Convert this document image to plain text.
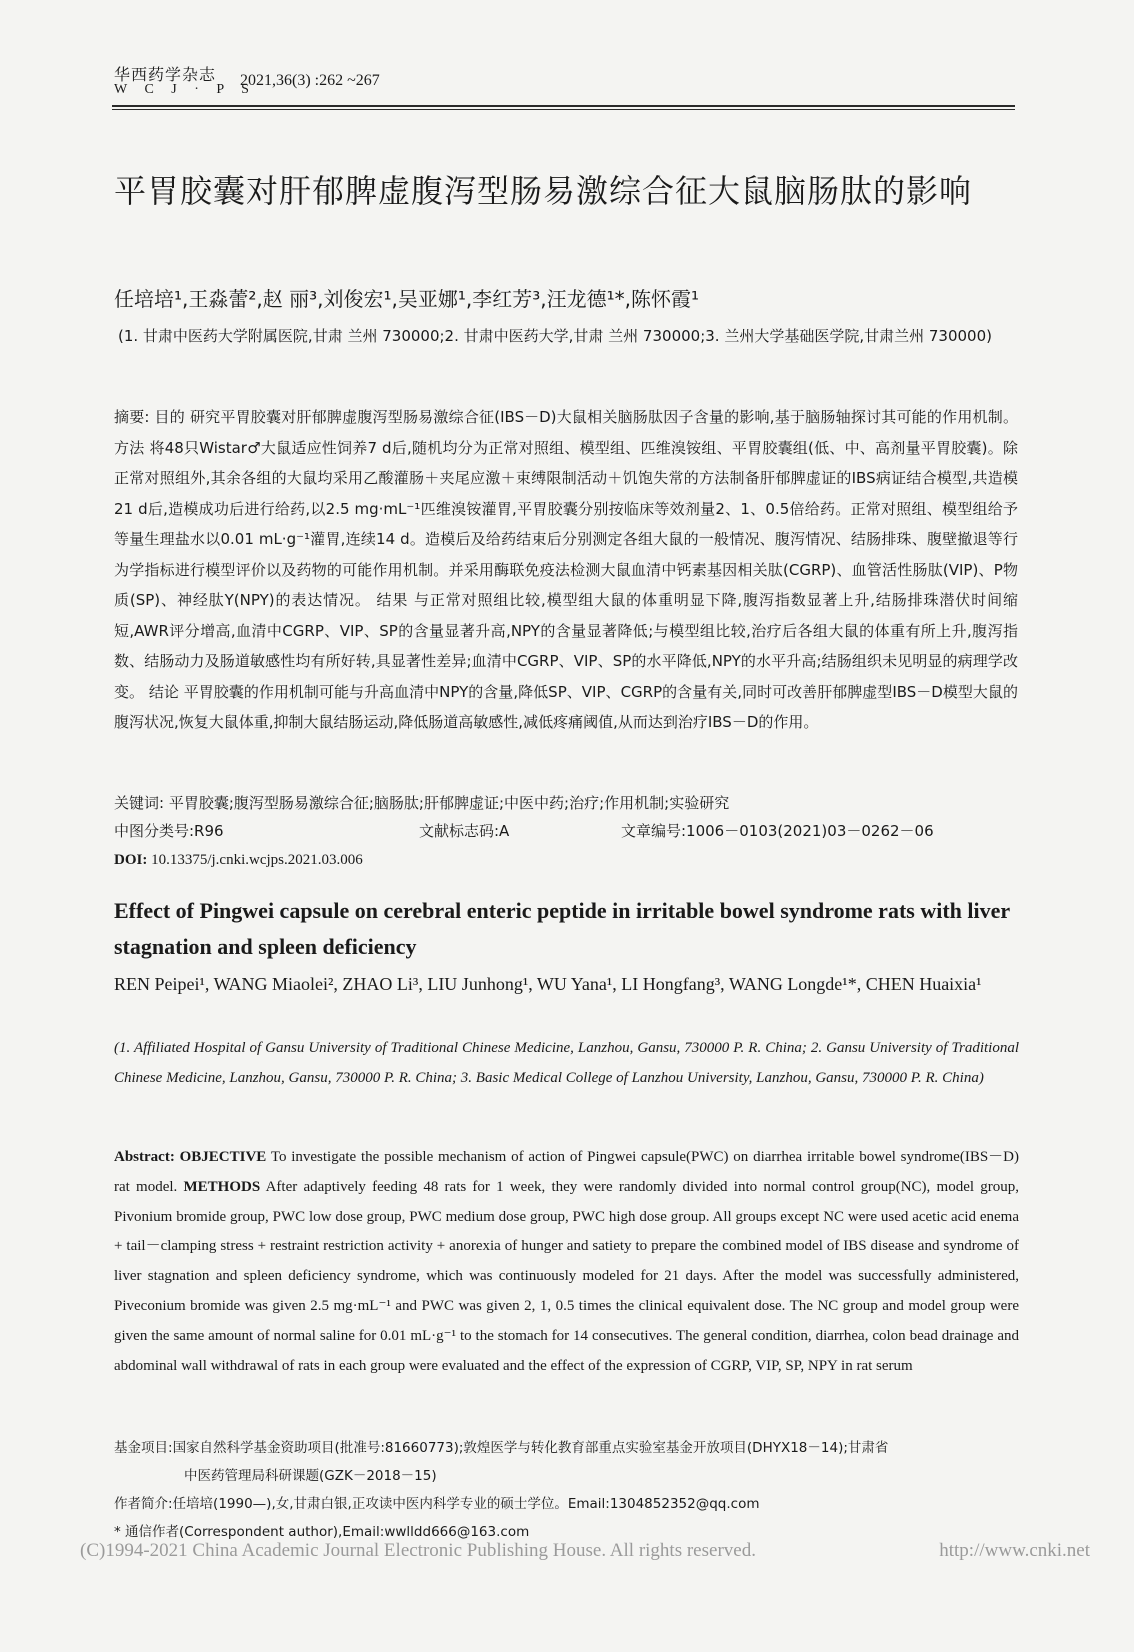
华西药学杂志
W C J · P S
2021,36(3) :262 ~267
平胃胶囊对肝郁脾虚腹泻型肠易激综合征大鼠脑肠肽的影响
任培培¹,王淼蕾²,赵 丽³,刘俊宏¹,吴亚娜¹,李红芳³,汪龙德¹*,陈怀霞¹
(1. 甘肃中医药大学附属医院,甘肃 兰州 730000;2. 甘肃中医药大学,甘肃 兰州 730000;3. 兰州大学基础医学院,甘肃兰州 730000)
摘要: 目的 研究平胃胶囊对肝郁脾虚腹泻型肠易激综合征(IBS－D)大鼠相关脑肠肽因子含量的影响,基于脑肠轴探讨其可能的作用机制。 方法 将48只Wistar♂大鼠适应性饲养7 d后,随机均分为正常对照组、模型组、匹维溴铵组、平胃胶囊组(低、中、高剂量平胃胶囊)。除正常对照组外,其余各组的大鼠均采用乙酸灌肠＋夹尾应激＋束缚限制活动＋饥饱失常的方法制备肝郁脾虚证的IBS病证结合模型,共造模21 d后,造模成功后进行给药,以2.5 mg·mL⁻¹匹维溴铵灌胃,平胃胶囊分别按临床等效剂量2、1、0.5倍给药。正常对照组、模型组给予等量生理盐水以0.01 mL·g⁻¹灌胃,连续14 d。造模后及给药结束后分别测定各组大鼠的一般情况、腹泻情况、结肠排珠、腹壁撤退等行为学指标进行模型评价以及药物的可能作用机制。并采用酶联免疫法检测大鼠血清中钙素基因相关肽(CGRP)、血管活性肠肽(VIP)、P物质(SP)、神经肽Y(NPY)的表达情况。 结果 与正常对照组比较,模型组大鼠的体重明显下降,腹泻指数显著上升,结肠排珠潜伏时间缩短,AWR评分增高,血清中CGRP、VIP、SP的含量显著升高,NPY的含量显著降低;与模型组比较,治疗后各组大鼠的体重有所上升,腹泻指数、结肠动力及肠道敏感性均有所好转,具显著性差异;血清中CGRP、VIP、SP的水平降低,NPY的水平升高;结肠组织未见明显的病理学改变。 结论 平胃胶囊的作用机制可能与升高血清中NPY的含量,降低SP、VIP、CGRP的含量有关,同时可改善肝郁脾虚型IBS－D模型大鼠的腹泻状况,恢复大鼠体重,抑制大鼠结肠运动,降低肠道高敏感性,减低疼痛阈值,从而达到治疗IBS－D的作用。
关键词: 平胃胶囊;腹泻型肠易激综合征;脑肠肽;肝郁脾虚证;中医中药;治疗;作用机制;实验研究
中图分类号:R96	文献标志码:A	文章编号:1006－0103(2021)03－0262－06
DOI: 10.13375/j.cnki.wcjps.2021.03.006
Effect of Pingwei capsule on cerebral enteric peptide in irritable bowel syndrome rats with liver stagnation and spleen deficiency
REN Peipei¹, WANG Miaolei², ZHAO Li³, LIU Junhong¹, WU Yana¹, LI Hongfang³, WANG Longde¹*, CHEN Huaixia¹
(1. Affiliated Hospital of Gansu University of Traditional Chinese Medicine, Lanzhou, Gansu, 730000 P. R. China; 2. Gansu University of Traditional Chinese Medicine, Lanzhou, Gansu, 730000 P. R. China; 3. Basic Medical College of Lanzhou University, Lanzhou, Gansu, 730000 P. R. China)
Abstract: OBJECTIVE To investigate the possible mechanism of action of Pingwei capsule(PWC) on diarrhea irritable bowel syndrome(IBS－D) rat model. METHODS After adaptively feeding 48 rats for 1 week, they were randomly divided into normal control group(NC), model group, Pivonium bromide group, PWC low dose group, PWC medium dose group, PWC high dose group. All groups except NC were used acetic acid enema + tail－clamping stress + restraint restriction activity + anorexia of hunger and satiety to prepare the combined model of IBS disease and syndrome of liver stagnation and spleen deficiency syndrome, which was continuously modeled for 21 days. After the model was successfully administered, Piveconium bromide was given 2.5 mg·mL⁻¹ and PWC was given 2, 1, 0.5 times the clinical equivalent dose. The NC group and model group were given the same amount of normal saline for 0.01 mL·g⁻¹ to the stomach for 14 consecutives. The general condition, diarrhea, colon bead drainage and abdominal wall withdrawal of rats in each group were evaluated and the effect of the expression of CGRP, VIP, SP, NPY in rat serum
基金项目:国家自然科学基金资助项目(批准号:81660773);敦煌医学与转化教育部重点实验室基金开放项目(DHYX18－14);甘肃省
中医药管理局科研课题(GZK－2018－15)
作者简介:任培培(1990—),女,甘肃白银,正攻读中医内科学专业的硕士学位。Email:1304852352@qq.com
* 通信作者(Correspondent author),Email:wwlldd666@163.com
(C)1994-2021 China Academic Journal Electronic Publishing House. All rights reserved.	http://www.cnki.net
